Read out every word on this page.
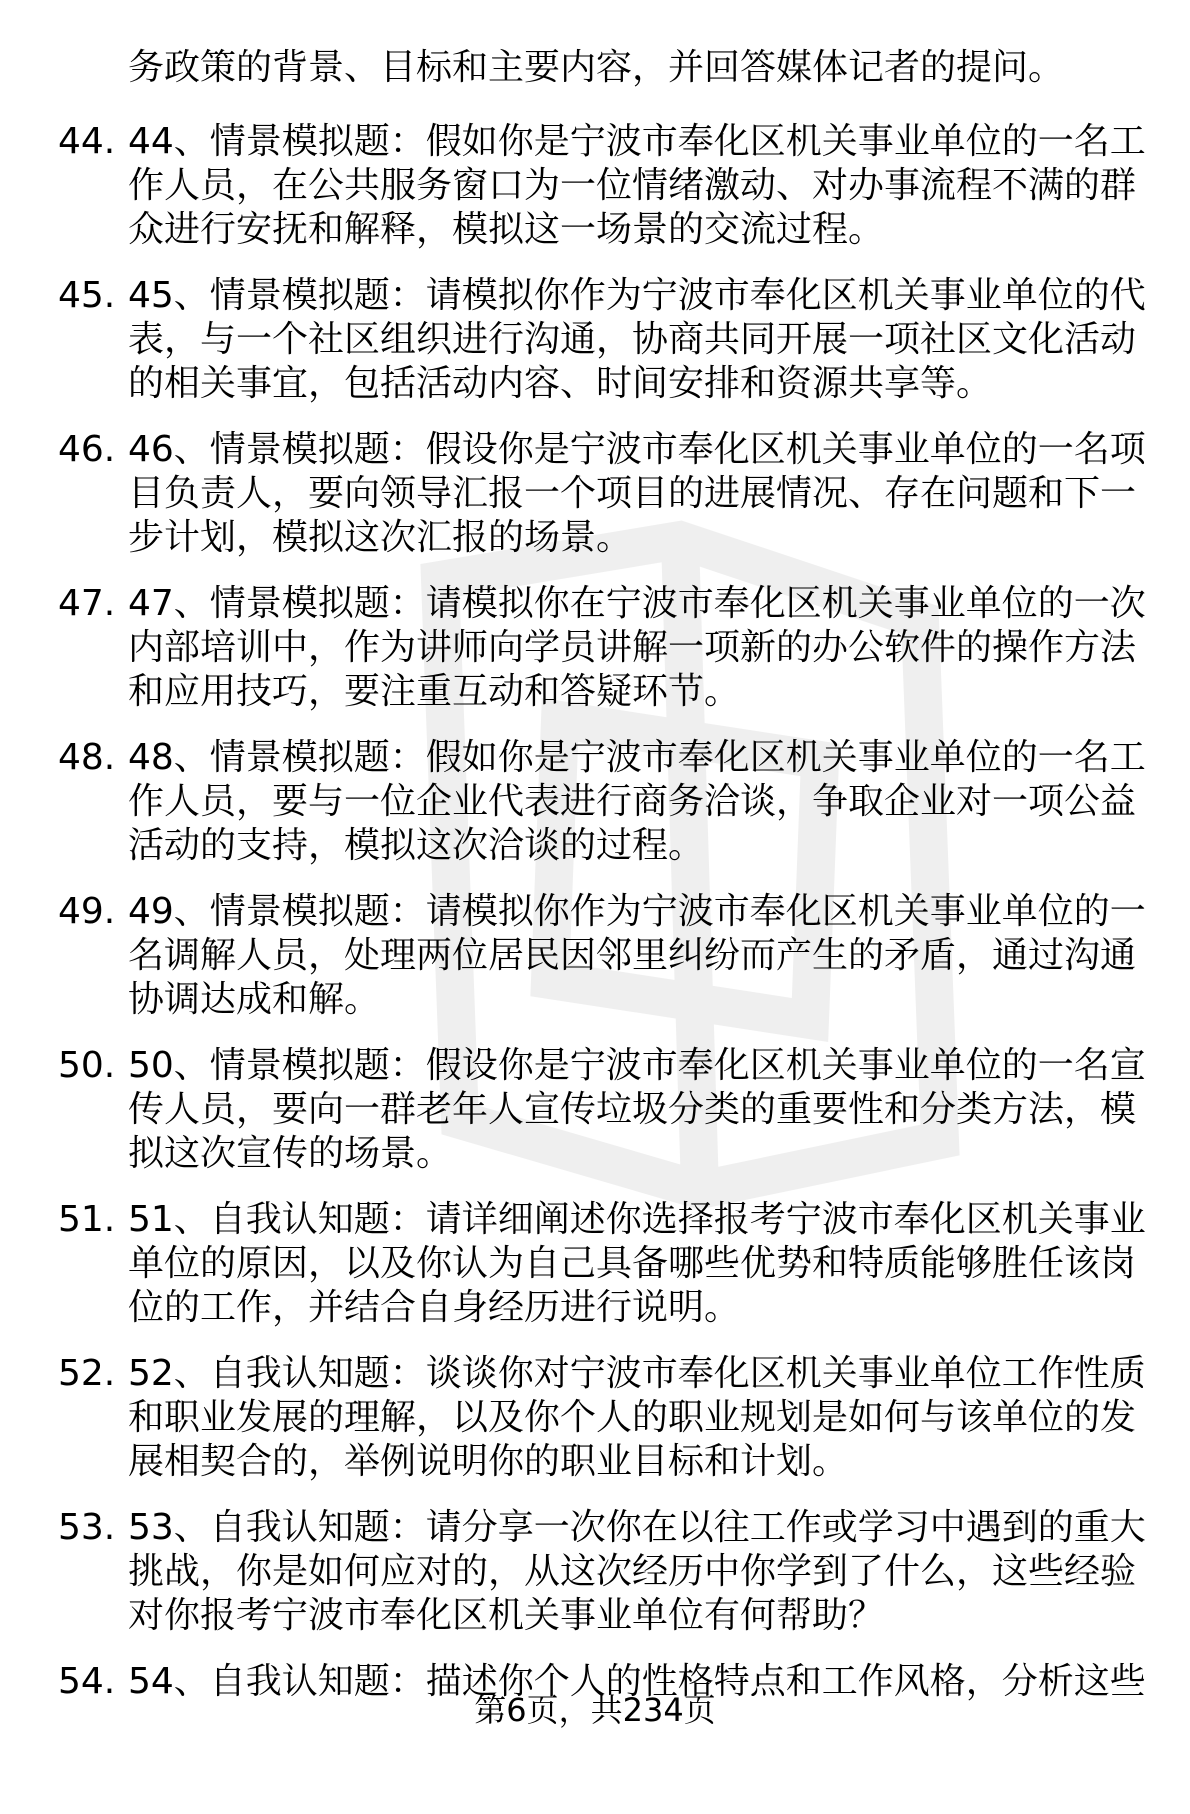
务政策的背景、目标和主要内容，并回答媒体记者的提问。
44. 44、情景模拟题：假如你是宁波市奉化区机关事业单位的一名工
作人员，在公共服务窗口为一位情绪激动、对办事流程不满的群
众进行安抚和解释，模拟这一场景的交流过程。
45. 45、情景模拟题：请模拟你作为宁波市奉化区机关事业单位的代
表，与一个社区组织进行沟通，协商共同开展一项社区文化活动
的相关事宜，包括活动内容、时间安排和资源共享等。
46. 46、情景模拟题：假设你是宁波市奉化区机关事业单位的一名项
目负责人，要向领导汇报一个项目的进展情况、存在问题和下一
步计划，模拟这次汇报的场景。
47. 47、情景模拟题：请模拟你在宁波市奉化区机关事业单位的一次
内部培训中，作为讲师向学员讲解一项新的办公软件的操作方法
和应用技巧，要注重互动和答疑环节。
48. 48、情景模拟题：假如你是宁波市奉化区机关事业单位的一名工
作人员，要与一位企业代表进行商务洽谈，争取企业对一项公益
活动的支持，模拟这次洽谈的过程。
49. 49、情景模拟题：请模拟你作为宁波市奉化区机关事业单位的一
名调解人员，处理两位居民因邻里纠纷而产生的矛盾，通过沟通
协调达成和解。
50. 50、情景模拟题：假设你是宁波市奉化区机关事业单位的一名宣
传人员，要向一群老年人宣传垃圾分类的重要性和分类方法，模
拟这次宣传的场景。
51. 51、自我认知题：请详细阐述你选择报考宁波市奉化区机关事业
单位的原因，以及你认为自己具备哪些优势和特质能够胜任该岗
位的工作，并结合自身经历进行说明。
52. 52、自我认知题：谈谈你对宁波市奉化区机关事业单位工作性质
和职业发展的理解，以及你个人的职业规划是如何与该单位的发
展相契合的，举例说明你的职业目标和计划。
53. 53、自我认知题：请分享一次你在以往工作或学习中遇到的重大
挑战，你是如何应对的，从这次经历中你学到了什么，这些经验
对你报考宁波市奉化区机关事业单位有何帮助？
54. 54、自我认知题：描述你个人的性格特点和工作风格，分析这些
第6页，共234页
